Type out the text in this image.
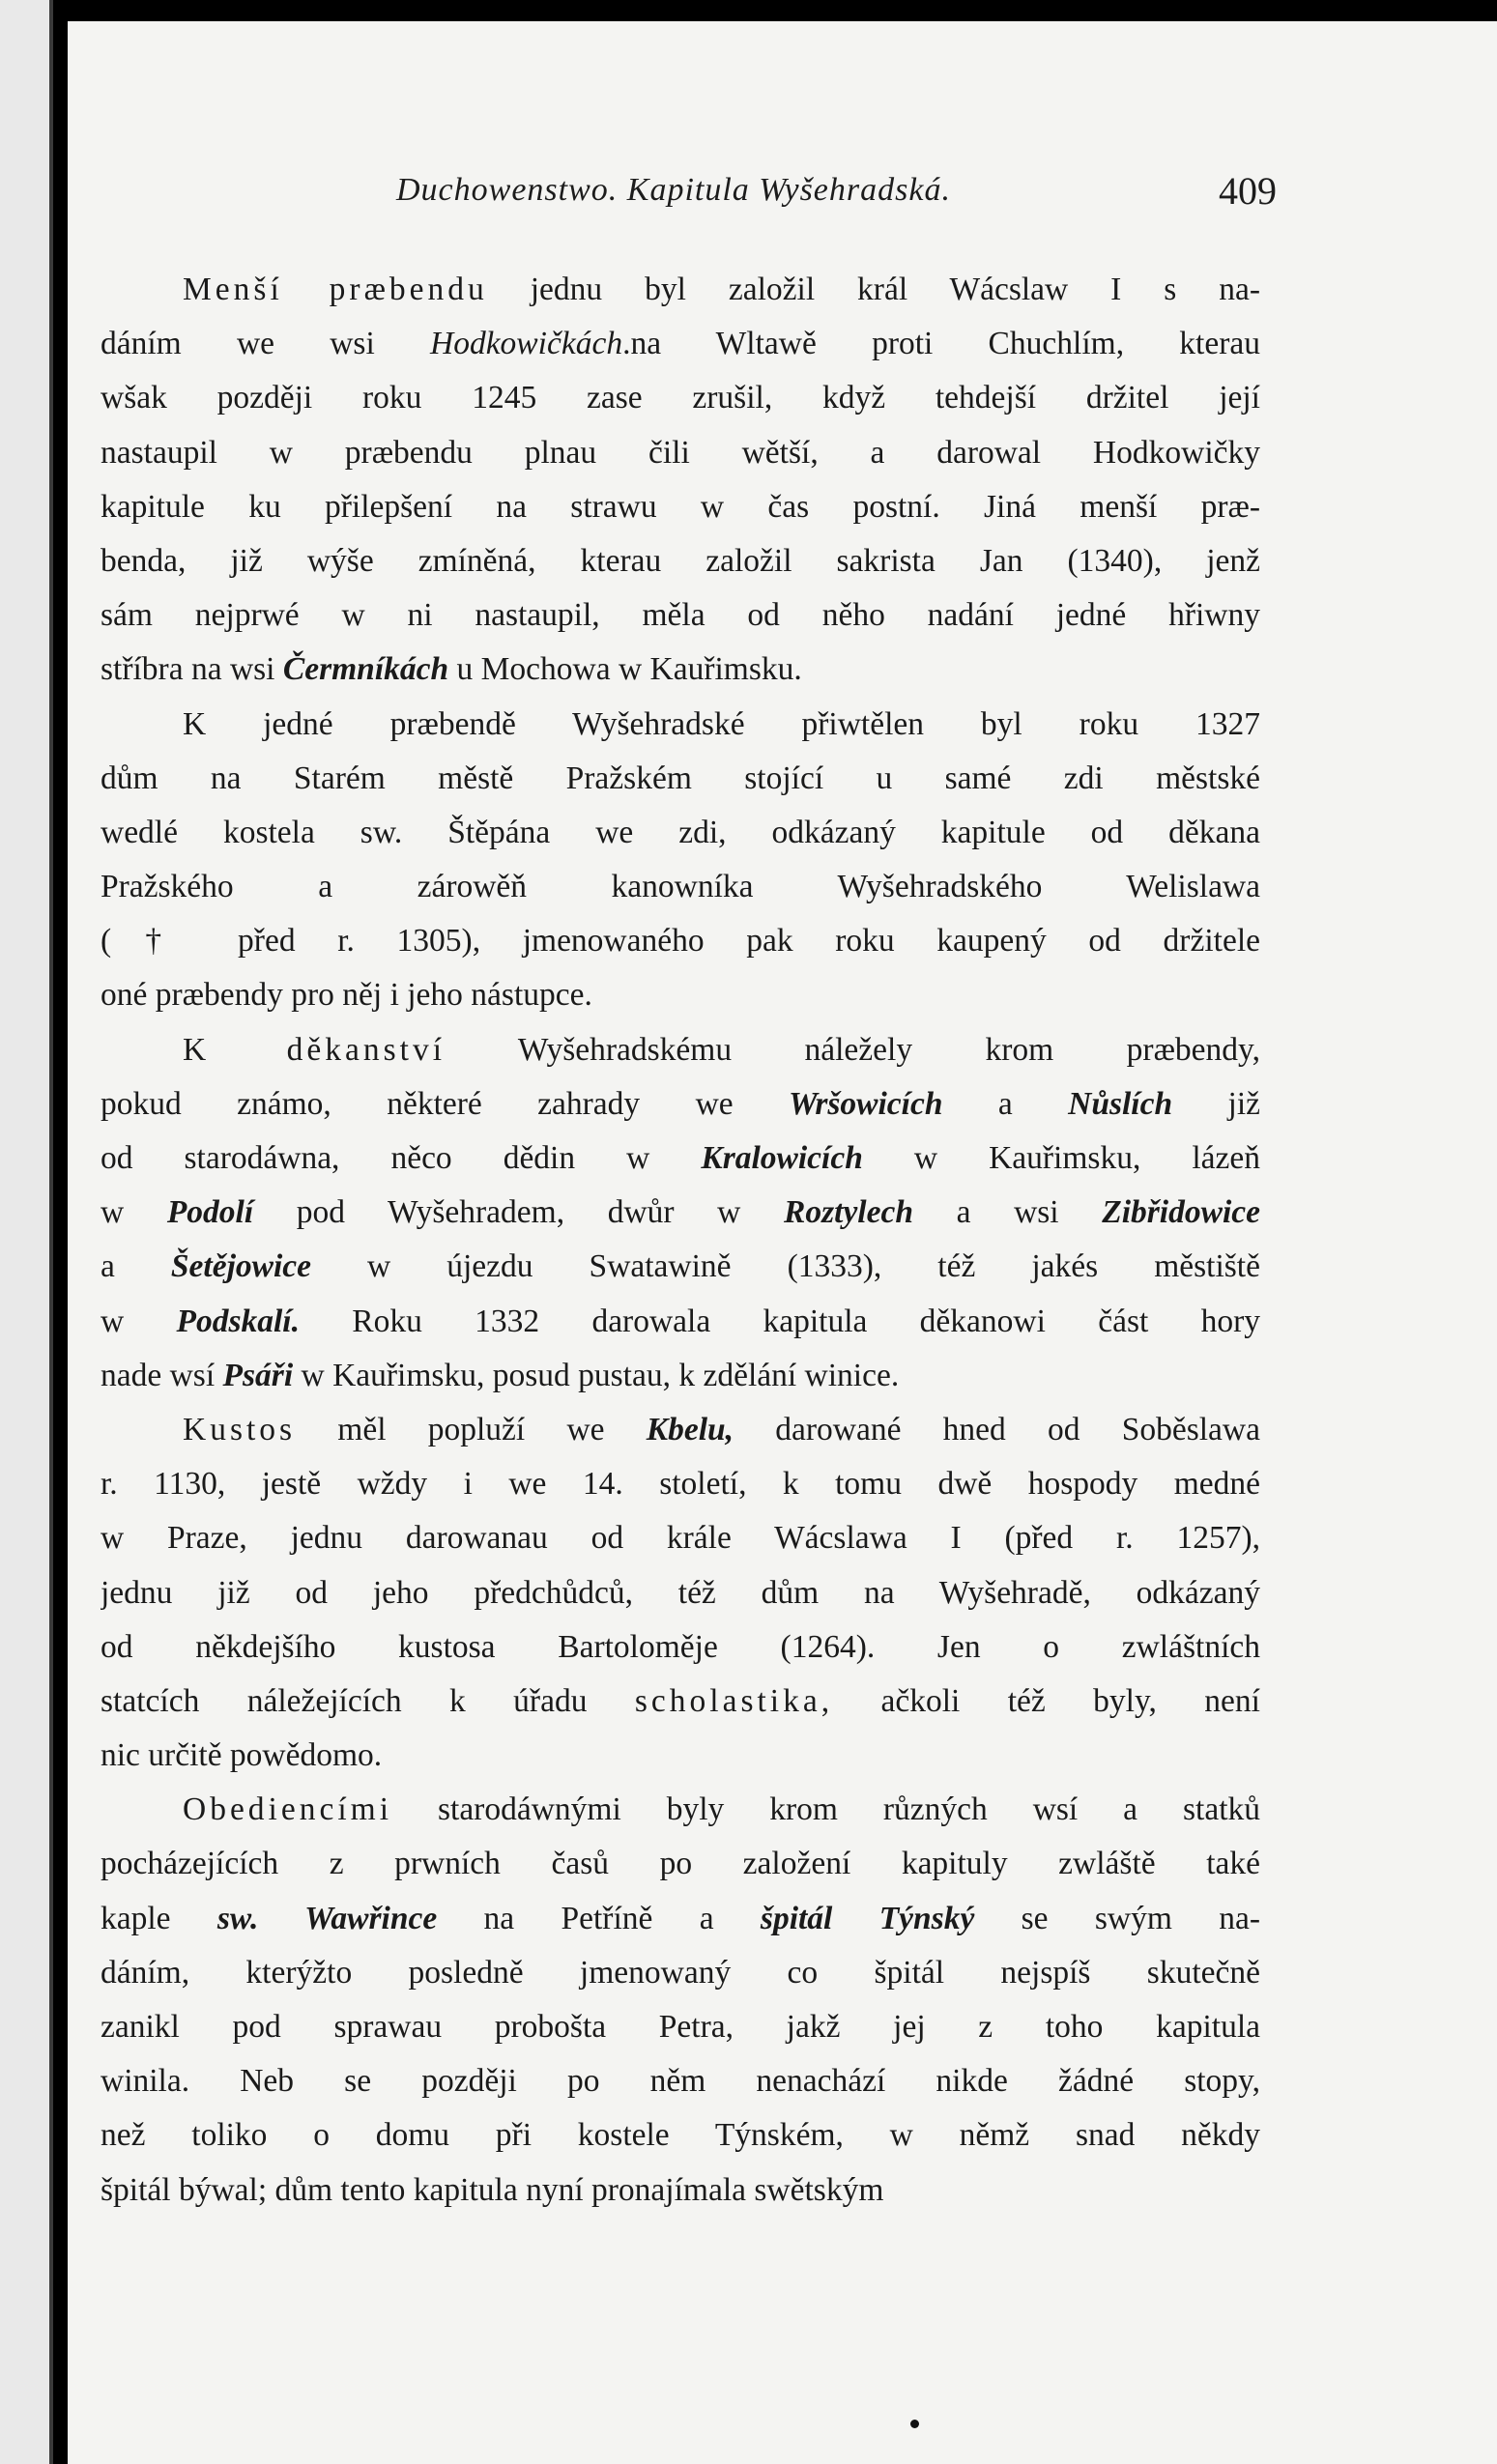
Duchowenstwo. Kapitula Wyšehradská.	409
Menší præbendu jednu byl založil král Wácslaw I s na-
dáním we wsi Hodkowičkách.na Wltawě proti Chuchlím, kterau
wšak později roku 1245 zase zrušil, když tehdejší držitel její
nastaupil w præbendu plnau čili wětší, a darowal Hodkowičky
kapitule ku přilepšení na strawu w čas postní. Jiná menší præ-
benda, již wýše zmíněná, kterau založil sakrista Jan (1340), jenž
sám nejprwé w ni nastaupil, měla od něho nadání jedné hřiwny
stříbra na wsi Čermníkách u Mochowa w Kauřimsku.
K jedné præbendě Wyšehradské přiwtělen byl roku 1327
dům na Starém městě Pražském stojící u samé zdi městské
wedlé kostela sw. Štěpána we zdi, odkázaný kapitule od děkana
Pražského a zárowěň kanowníka Wyšehradského Welislawa
(† před r. 1305), jmenowaného pak roku kaupený od držitele
oné præbendy pro něj i jeho nástupce.
K děkanství Wyšehradskému náležely krom præbendy,
pokud známo, některé zahrady we Wršowicích a Nůslích již
od starodáwna, něco dědin w Kralowicích w Kauřimsku, lázeň
w Podolí pod Wyšehradem, dwůr w Roztylech a wsi Zibřidowice
a Šetějowice w újezdu Swatawině (1333), též jakés městiště
w Podskalí. Roku 1332 darowala kapitula děkanowi část hory
nade wsí Psáři w Kauřimsku, posud pustau, k zdělání winice.
Kustos měl popluží we Kbelu, darowané hned od Soběslawa
r. 1130, jestě wždy i we 14. století, k tomu dwě hospody medné
w Praze, jednu darowanau od krále Wácslawa I (před r. 1257),
jednu již od jeho předchůdců, též dům na Wyšehradě, odkázaný
od někdejšího kustosa Bartoloměje (1264). Jen o zwláštních
statcích náležejících k úřadu scholastika, ačkoli též byly, není
nic určitě powědomo.
Obediencími starodáwnými byly krom různých wsí a statků
pocházejících z prwních časů po založení kapituly zwláště také
kaple sw. Wawřince na Petříně a špitál Týnský se swým na-
dáním, kterýžto posledně jmenowaný co špitál nejspíš skutečně
zanikl pod sprawau probošta Petra, jakž jej z toho kapitula
winila. Neb se později po něm nenachází nikde žádné stopy,
než toliko o domu při kostele Týnském, w němž snad někdy
špitál býwal; dům tento kapitula nyní pronajímala swětským
